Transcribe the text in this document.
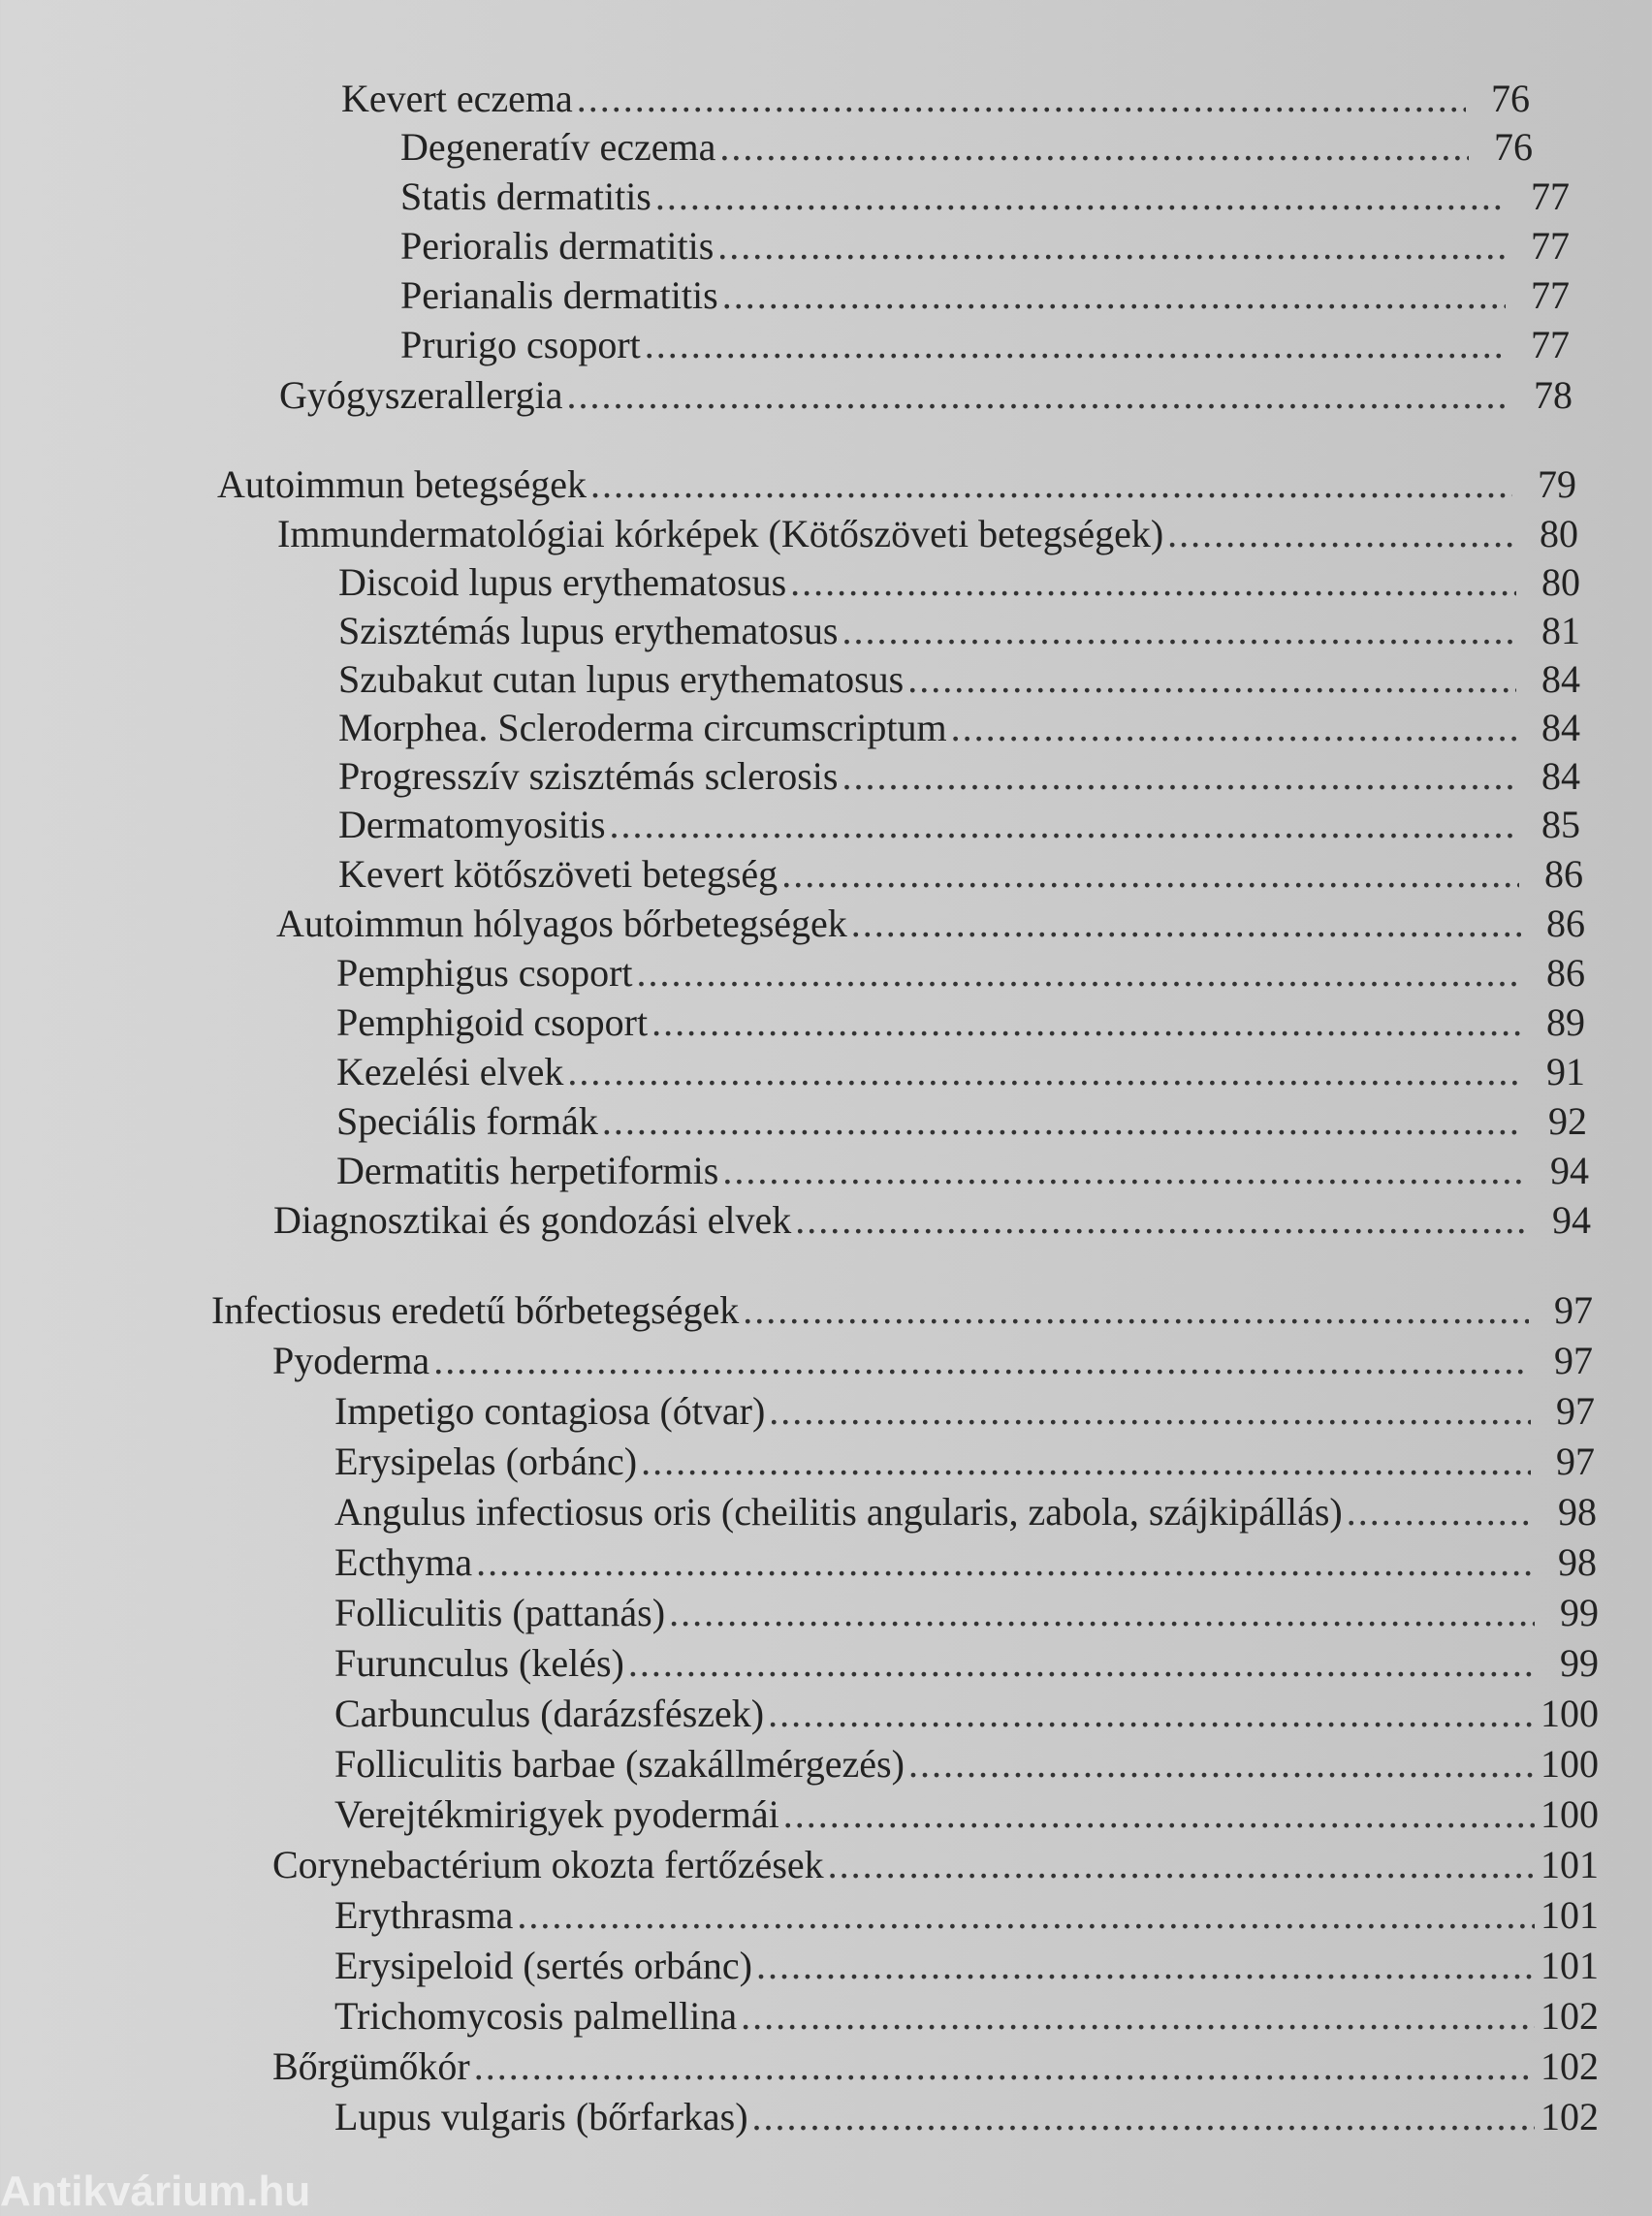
Kevert eczema .....	76
Degeneratív eczema .....	76
Statis dermatitis .....	77
Perioralis dermatitis .....	77
Perianalis dermatitis .....	77
Prurigo csoport .....	77
Gyógyszerallergia .....	78
Autoimmun betegségek .....	79
Immundermatológiai kórképek (Kötőszöveti betegségek) .....	80
Discoid lupus erythematosus .....	80
Szisztémás lupus erythematosus .....	81
Szubakut cutan lupus erythematosus .....	84
Morphea. Scleroderma circumscriptum .....	84
Progresszív szisztémás sclerosis .....	84
Dermatomyositis .....	85
Kevert kötőszöveti betegség .....	86
Autoimmun hólyagos bőrbetegségek .....	86
Pemphigus csoport .....	86
Pemphigoid csoport .....	89
Kezelési elvek .....	91
Speciális formák .....	92
Dermatitis herpetiformis .....	94
Diagnosztikai és gondozási elvek .....	94
Infectiosus eredetű bőrbetegségek .....	97
Pyoderma .....	97
Impetigo contagiosa (ótvar) .....	97
Erysipelas (orbánc) .....	97
Angulus infectiosus oris (cheilitis angularis, zabola, szájkipállás) .....	98
Ecthyma .....	98
Folliculitis (pattanás) .....	99
Furunculus (kelés) .....	99
Carbunculus (darázsfészek) .....	100
Folliculitis barbae (szakállmérgezés) .....	100
Verejtékmirigyek pyodermái .....	100
Corynebactérium okozta fertőzések .....	101
Erythrasma .....	101
Erysipeloid (sertés orbánc) .....	101
Trichomycosis palmellina .....	102
Bőrgümőkór .....	102
Lupus vulgaris (bőrfarkas) .....	102
Antikvárium.hu
